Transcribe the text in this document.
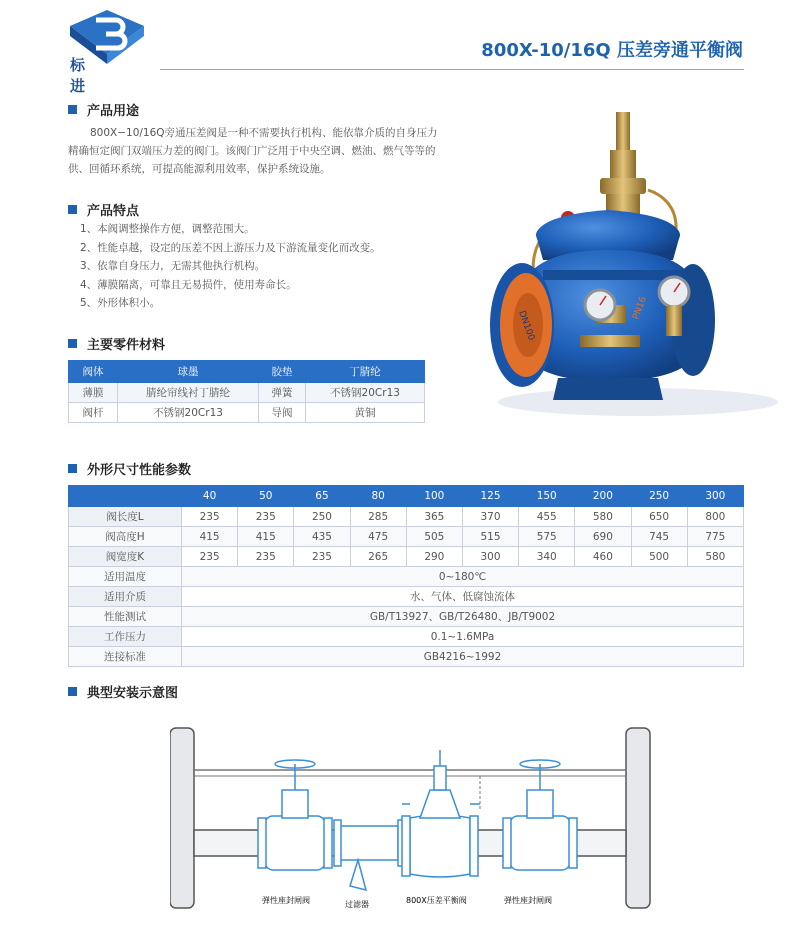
标 进
800X-10/16Q 压差旁通平衡阀
产品用途
800X−10/16Q旁通压差阀是一种不需要执行机构、能依靠介质的自身压力精确恒定阀门双端压力差的阀门。该阀门广泛用于中央空调、燃油、燃气等等的供、回循环系统，可提高能源利用效率，保护系统设施。
产品特点
1、本阀调整操作方便，调整范围大。
2、性能卓越，设定的压差不因上游压力及下游流量变化而改变。
3、依靠自身压力，无需其他执行机构。
4、薄膜隔离，可靠且无易损件，使用寿命长。
5、外形体积小。
主要零件材料
阀体	球墨	胶垫	丁腈纶
薄膜	腈纶帘线衬丁腈纶	弹簧	不锈钢20Cr13
阀杆	不锈钢20Cr13	导阀	黄铜
DN100
PN16
外形尺寸性能参数
	40	50	65	80	100	125	150	200	250	300
阀长度L	235	235	250	285	365	370	455	580	650	800
阀高度H	415	415	435	475	505	515	575	690	745	775
阀宽度K	235	235	235	265	290	300	340	460	500	580
适用温度	0~180℃									
适用介质	水、气体、低腐蚀流体									
性能测试	GB/T13927、GB/T26480、JB/T9002									
工作压力	0.1~1.6MPa									
连接标准	GB4216~1992									
典型安装示意图
弹性座封闸阀	过滤器	800X压差平衡阀	弹性座封闸阀
